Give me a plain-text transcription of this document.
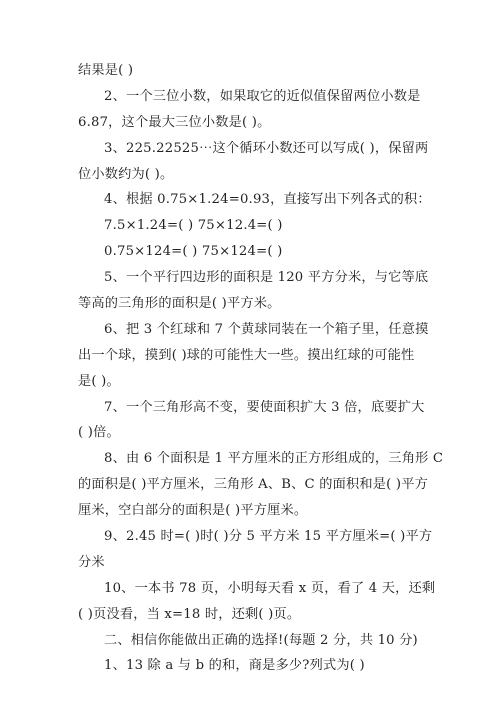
结果是( )
2、一个三位小数，如果取它的近似值保留两位小数是
6.87，这个最大三位小数是( )。
3、225.22525⋯这个循环小数还可以写成( )，保留两
位小数约为( )。
4、根据 0.75×1.24=0.93，直接写出下列各式的积：
7.5×1.24=( ) 75×12.4=( )
0.75×124=( ) 75×124=( )
5、一个平行四边形的面积是 120 平方分米，与它等底
等高的三角形的面积是( )平方米。
6、把 3 个红球和 7 个黄球同装在一个箱子里，任意摸
出一个球，摸到( )球的可能性大一些。摸出红球的可能性
是( )。
7、一个三角形高不变，要使面积扩大 3 倍，底要扩大
( )倍。
8、由 6 个面积是 1 平方厘米的正方形组成的，三角形 C
的面积是( )平方厘米，三角形 A、B、C 的面积和是( )平方
厘米，空白部分的面积是( )平方厘米。
9、2.45 时=( )时( )分 5 平方米 15 平方厘米=( )平方
分米
10、一本书 78 页，小明每天看 x 页，看了 4 天，还剩
( )页没看，当 x=18 时，还剩( )页。
二、相信你能做出正确的选择!(每题 2 分，共 10 分)
1、13 除 a 与 b 的和，商是多少?列式为( )
